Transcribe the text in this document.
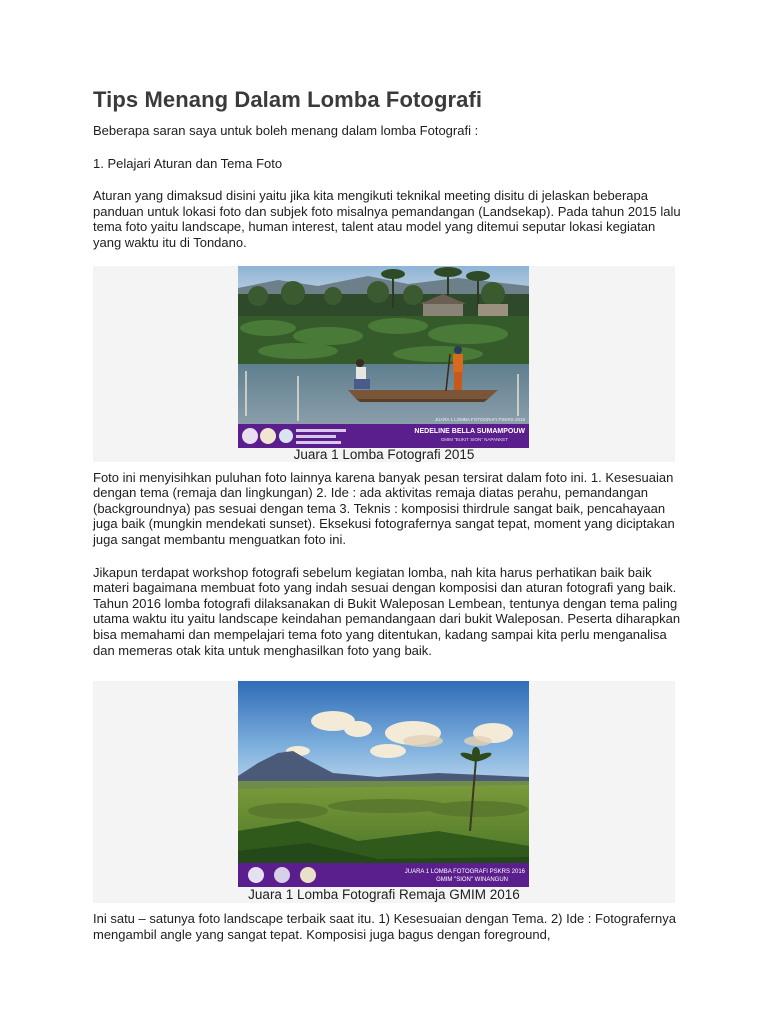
Tips Menang Dalam Lomba Fotografi

Beberapa saran saya untuk boleh menang dalam lomba Fotografi :

1. Pelajari Aturan dan Tema Foto

Aturan yang dimaksud disini yaitu jika kita mengikuti teknikal meeting disitu di jelaskan beberapa panduan untuk lokasi foto dan subjek foto misalnya pemandangan (Landsekap). Pada tahun 2015 lalu tema foto yaitu landscape, human interest, talent atau model yang ditemui seputar lokasi kegiatan yang waktu itu di Tondano.

NEDELINE BELLA SUMAMPOUW
GMIM "BUKIT SION" NAPANKET
JUARA 1 LOMBA FOTOGRAFI PSKRS 2015
Juara 1 Lomba Fotografi 2015

Foto ini menyisihkan puluhan foto lainnya karena banyak pesan tersirat dalam foto ini. 1. Kesesuaian dengan tema (remaja dan lingkungan) 2. Ide : ada aktivitas remaja diatas perahu, pemandangan (backgroundnya) pas sesuai dengan tema 3. Teknis : komposisi thirdrule sangat baik, pencahayaan juga baik (mungkin mendekati sunset). Eksekusi fotografernya sangat tepat, moment yang diciptakan juga sangat membantu menguatkan foto ini.

Jikapun terdapat workshop fotografi sebelum kegiatan lomba, nah kita harus perhatikan baik baik materi bagaimana membuat foto yang indah sesuai dengan komposisi dan aturan fotografi yang baik. Tahun 2016 lomba fotografi dilaksanakan di Bukit Waleposan Lembean, tentunya dengan tema paling utama waktu itu yaitu landscape keindahan pemandangaan dari bukit Waleposan. Peserta diharapkan bisa memahami dan mempelajari tema foto yang ditentukan, kadang sampai kita perlu menganalisa dan memeras otak kita untuk menghasilkan foto yang baik.

JUARA 1 LOMBA FOTOGRAFI PSKRS 2016
GMIM "SION" WINANGUN
Juara 1 Lomba Fotografi Remaja GMIM 2016

Ini satu – satunya foto landscape terbaik saat itu. 1) Kesesuaian dengan Tema. 2) Ide : Fotografernya mengambil angle yang sangat tepat. Komposisi juga bagus dengan foreground,
